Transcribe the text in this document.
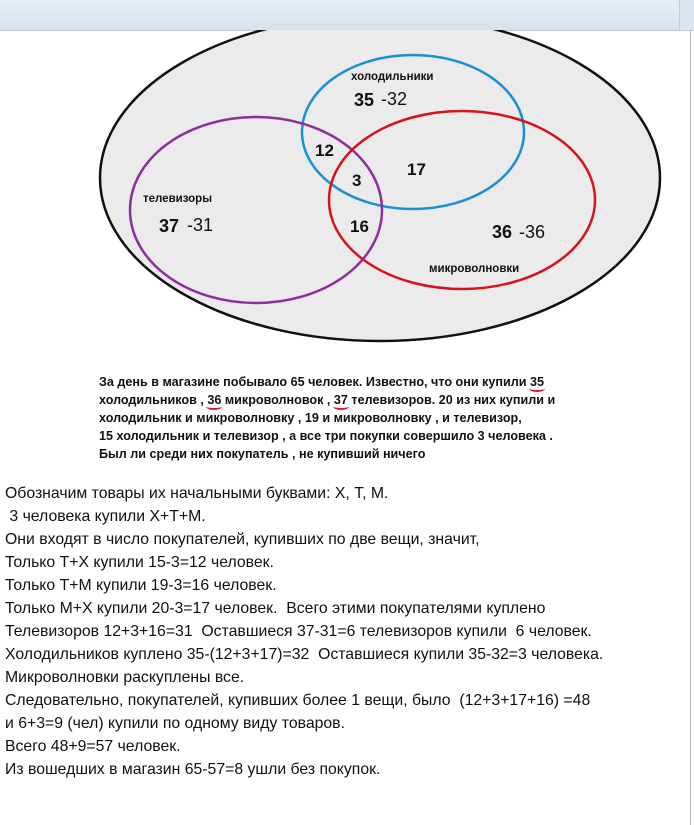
холодильники
телевизоры
микроволновки
35 -32
37 -31	36 -36
12
17
3
16

За день в магазине побывало 65 человек. Известно, что они купили 35

холодильников , 36 микроволновок , 37 телевизоров. 20 из них купили и

холодильник и микроволновку , 19 и микроволновку , и телевизор,

15 холодильник и телевизор , а все три покупки совершило 3 человека .

Был ли среди них покупатель , не купивший ничего

Обозначим товары их начальными буквами: Х, Т, М.

3 человека купили Х+Т+М.

Они входят в число покупателей, купивших по две вещи, значит,

Только Т+Х купили 15-3=12 человек.

Только Т+М купили 19-3=16 человек.

Только М+Х купили 20-3=17 человек.  Всего этими покупателями куплено

Телевизоров 12+3+16=31  Оставшиеся 37-31=6 телевизоров купили  6 человек.

Холодильников куплено 35-(12+3+17)=32  Оставшиеся купили 35-32=3 человека.

Микроволновки раскуплены все.

Следовательно, покупателей, купивших более 1 вещи, было  (12+3+17+16) =48

и 6+3=9 (чел) купили по одному виду товаров.

Всего 48+9=57 человек.

Из вошедших в магазин 65-57=8 ушли без покупок.
